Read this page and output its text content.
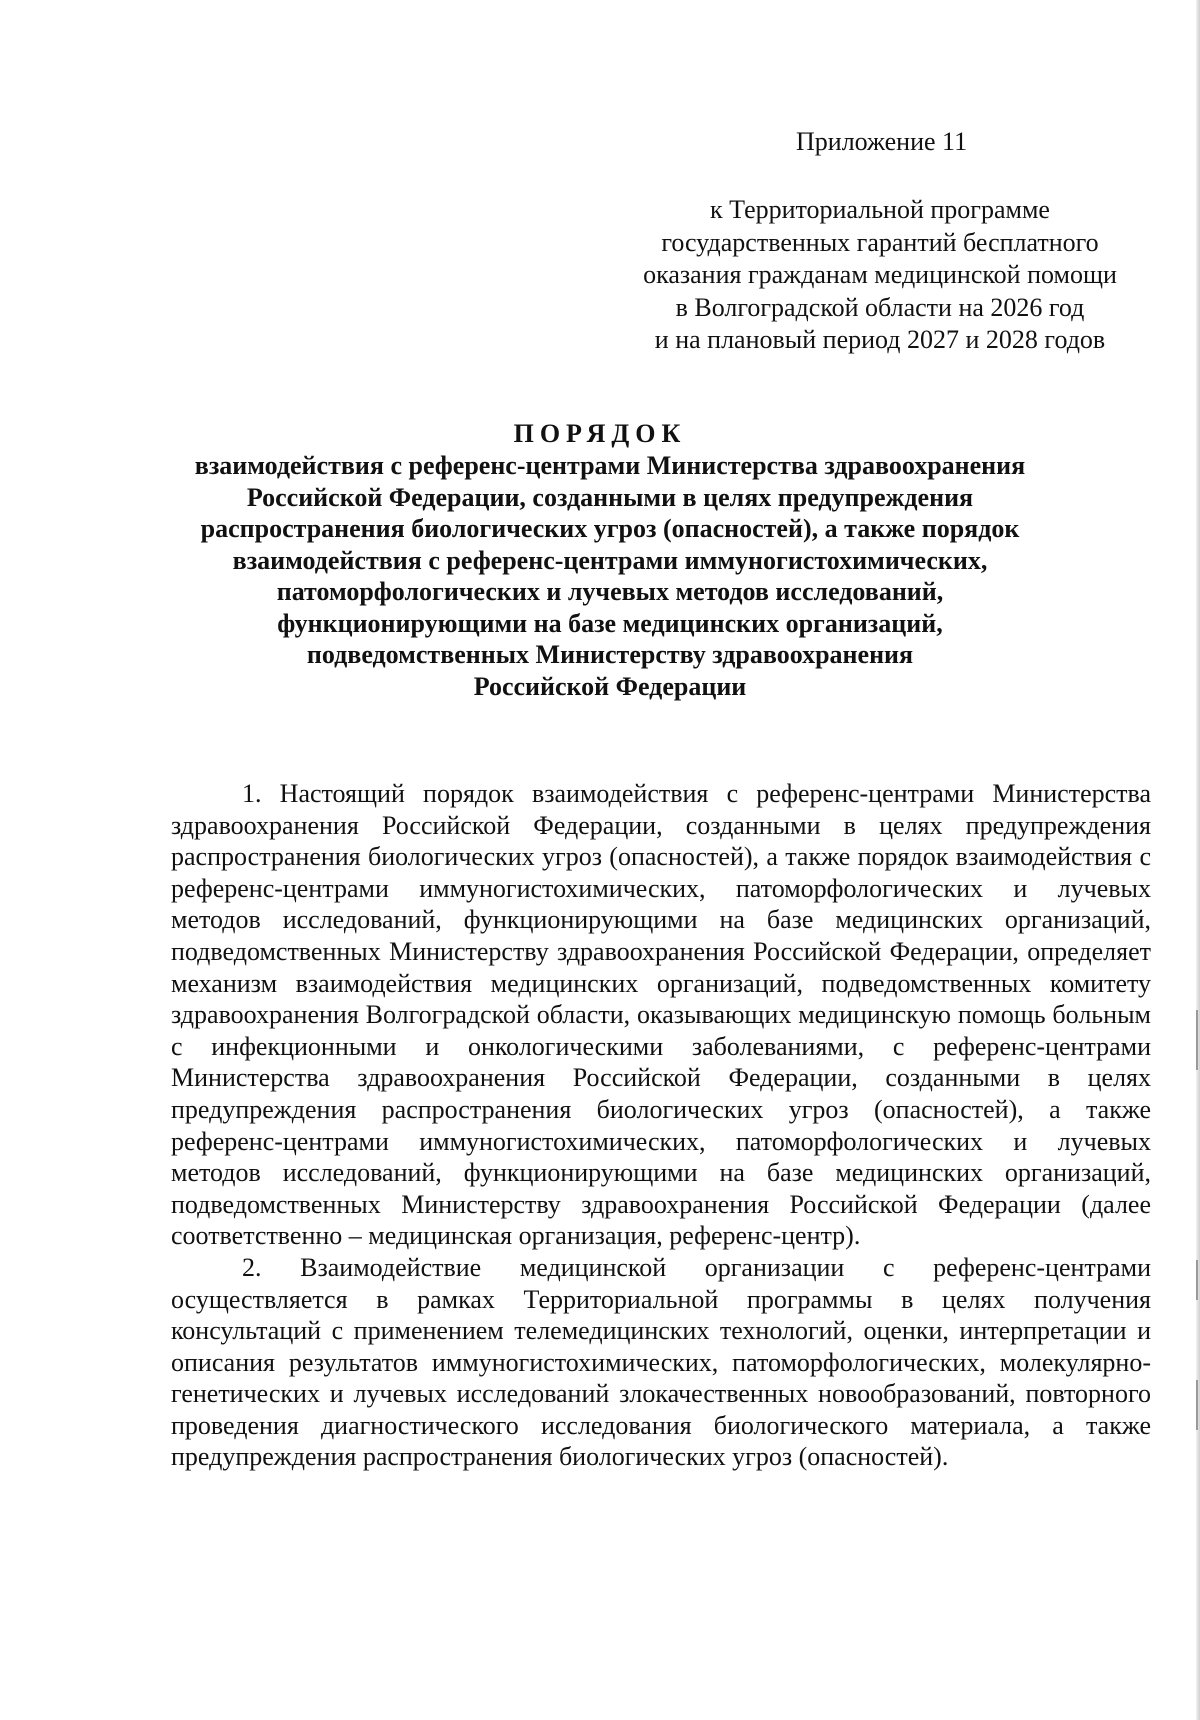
Приложение 11
к Территориальной программе
государственных гарантий бесплатного
оказания гражданам медицинской помощи
в Волгоградской области на 2026 год
и на плановый период 2027 и 2028 годов
ПОРЯДОК
взаимодействия с референс-центрами Министерства здравоохранения
Российской Федерации, созданными в целях предупреждения
распространения биологических угроз (опасностей), а также порядок
взаимодействия с референс-центрами иммуногистохимических,
патоморфологических и лучевых методов исследований,
функционирующими на базе медицинских организаций,
подведомственных Министерству здравоохранения
Российской Федерации

1. Настоящий порядок взаимодействия с референс-центрами Министерства здравоохранения Российской Федерации, созданными в целях предупреждения распространения биологических угроз (опасностей), а также порядок взаимодействия с референс-центрами иммуногистохимических, патоморфологических и лучевых методов исследований, функционирующими на базе медицинских организаций, подведомственных Министерству здравоохранения Российской Федерации, определяет механизм взаимодействия медицинских организаций, подведомственных комитету здравоохранения Волгоградской области, оказывающих медицинскую помощь больным с инфекционными и онкологическими заболеваниями, с референс-центрами Министерства здравоохранения Российской Федерации, созданными в целях предупреждения распространения биологических угроз (опасностей), а также референс-центрами иммуногистохимических, патоморфологических и лучевых методов исследований, функционирующими на базе медицинских организаций, подведомственных Министерству здравоохранения Российской Федерации (далее соответственно – медицинская организация, референс-центр).

2. Взаимодействие медицинской организации с референс-центрами осуществляется в рамках Территориальной программы в целях получения консультаций с применением телемедицинских технологий, оценки, интерпретации и описания результатов иммуногистохимических, патоморфологических, молекулярно-генетических и лучевых исследований злокачественных новообразований, повторного проведения диагностического исследования биологического материала, а также предупреждения распространения биологических угроз (опасностей).
